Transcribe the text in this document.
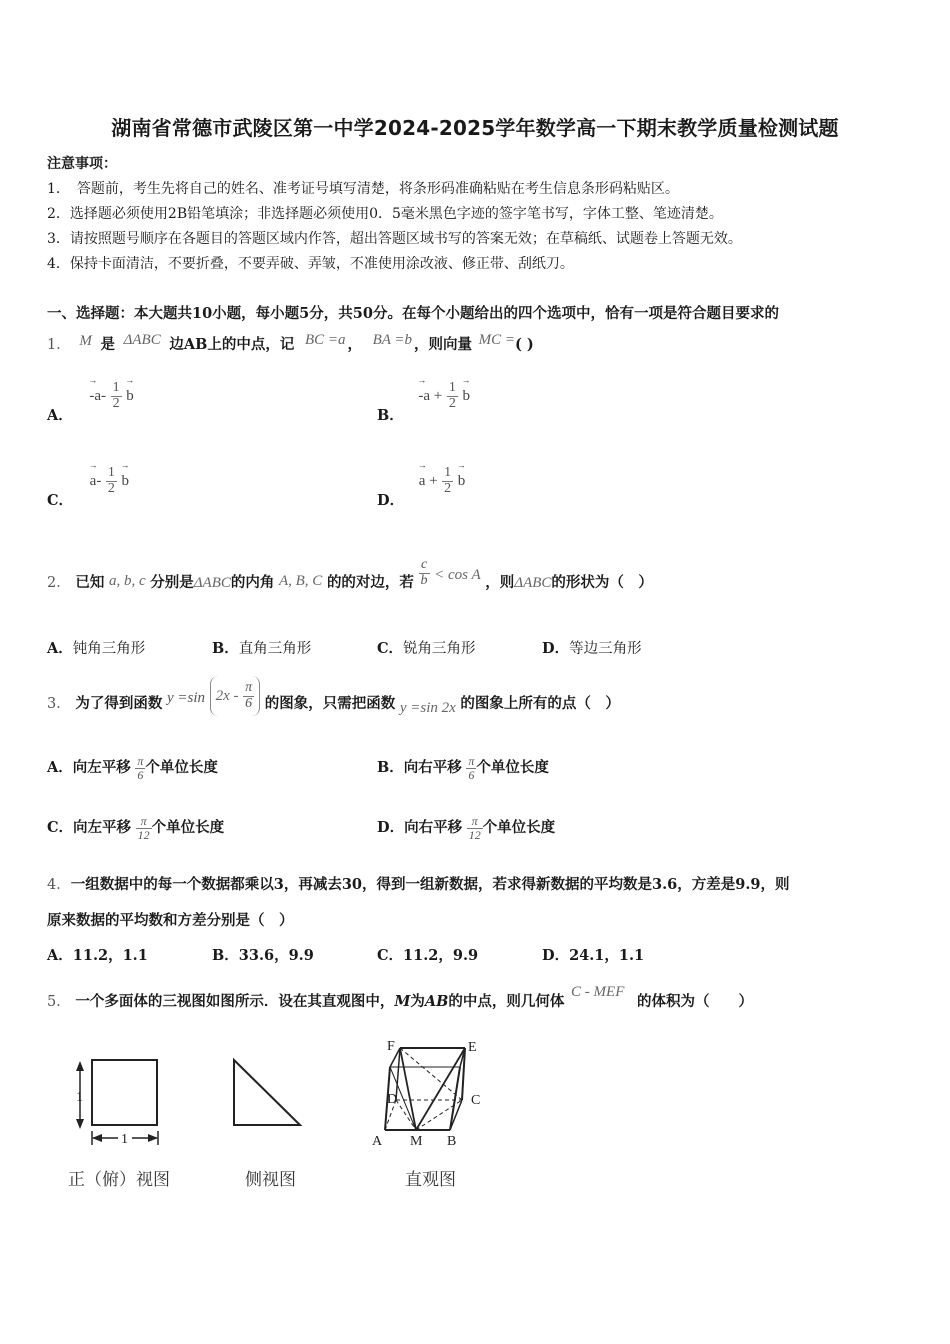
湖南省常德市武陵区第一中学2024-2025学年数学高一下期末教学质量检测试题
注意事项：
1．　答题前，考生先将自己的姓名、准考证号填写清楚，将条形码准确粘贴在考生信息条形码粘贴区。
2．选择题必须使用2B铅笔填涂；非选择题必须使用0．5毫米黑色字迹的签字笔书写，字体工整、笔迹清楚。
3．请按照题号顺序在各题目的答题区域内作答，超出答题区域书写的答案无效；在草稿纸、试题卷上答题无效。
4．保持卡面清洁，不要折叠，不要弄破、弄皱，不准使用涂改液、修正带、刮纸刀。
一、选择题：本大题共10小题，每小题5分，共50分。在每个小题给出的四个选项中，恰有一项是符合题目要求的
1． M 是 ΔABC 边AB上的中点，记 BC =a ， BA =b ，则向量 MC =( )
A． → $-a- \frac{1}{2}$
→ b
B． → $-a + \frac{1}{2}$
→ b
C． → $a- \frac{1}{2}$
→ b
D． → $a + \frac{1}{2}$
→ b
2． 已知 a, b, c 分别是ΔABC的内角 A, B, C 的的对边，若 $\frac{c}{b} < \cos A$ ，则ΔABC的形状为（　）
A．钝角三角形	B．直角三角形	C．锐角三角形	D．等边三角形
3． 为了得到函数 y =sin $2x - \frac{\pi}{6}$ 的图象，只需把函数 y =sin 2x 的图象上所有的点（　）
A．向左平移 $\frac{\pi}{6}$ 个单位长度	B．向右平移 $\frac{\pi}{6}$ 个单位长度
C．向左平移 $\frac{\pi}{12}$ 个单位长度	D．向右平移 $\frac{\pi}{12}$ 个单位长度
4．一组数据中的每一个数据都乘以3，再减去30，得到一组新数据，若求得新数据的平均数是3.6，方差是9.9，则
原来数据的平均数和方差分别是（　）
A．11.2，1.1	B．33.6，9.9	C．11.2，9.9	D．24.1，1.1
5． 一个多面体的三视图如图所示．设在其直观图中，M为AB的中点，则几何体 C - MEF 的体积为（　　）
1
1
F	E
D	C
A M B
正（俯）视图	侧视图	直观图
